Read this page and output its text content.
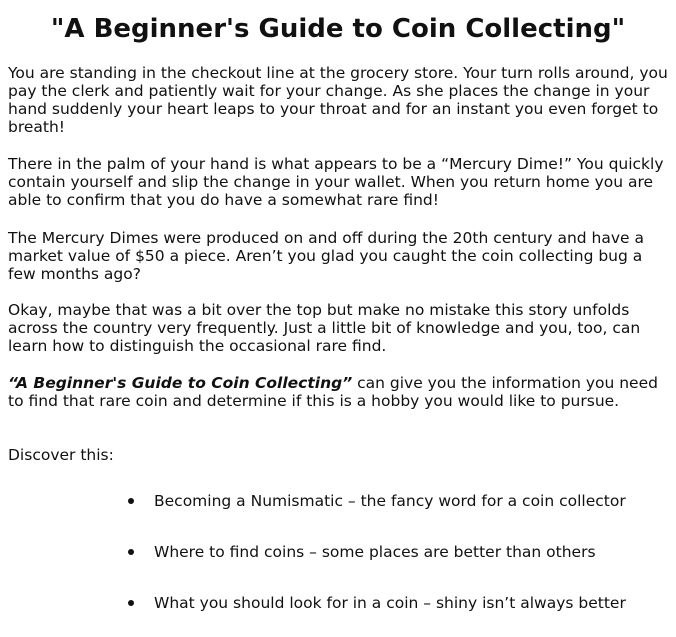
"A Beginner's Guide to Coin Collecting"

You are standing in the checkout line at the grocery store. Your turn rolls around, you pay the clerk and patiently wait for your change. As she places the change in your hand suddenly your heart leaps to your throat and for an instant you even forget to breath!

There in the palm of your hand is what appears to be a “Mercury Dime!” You quickly contain yourself and slip the change in your wallet. When you return home you are able to confirm that you do have a somewhat rare find!

The Mercury Dimes were produced on and off during the 20th century and have a market value of $50 a piece. Aren’t you glad you caught the coin collecting bug a few months ago?

Okay, maybe that was a bit over the top but make no mistake this story unfolds across the country very frequently. Just a little bit of knowledge and you, too, can learn how to distinguish the occasional rare find.

“A Beginner's Guide to Coin Collecting” can give you the information you need to find that rare coin and determine if this is a hobby you would like to pursue.

Discover this:

Becoming a Numismatic – the fancy word for a coin collector
Where to find coins – some places are better than others
What you should look for in a coin – shiny isn’t always better
